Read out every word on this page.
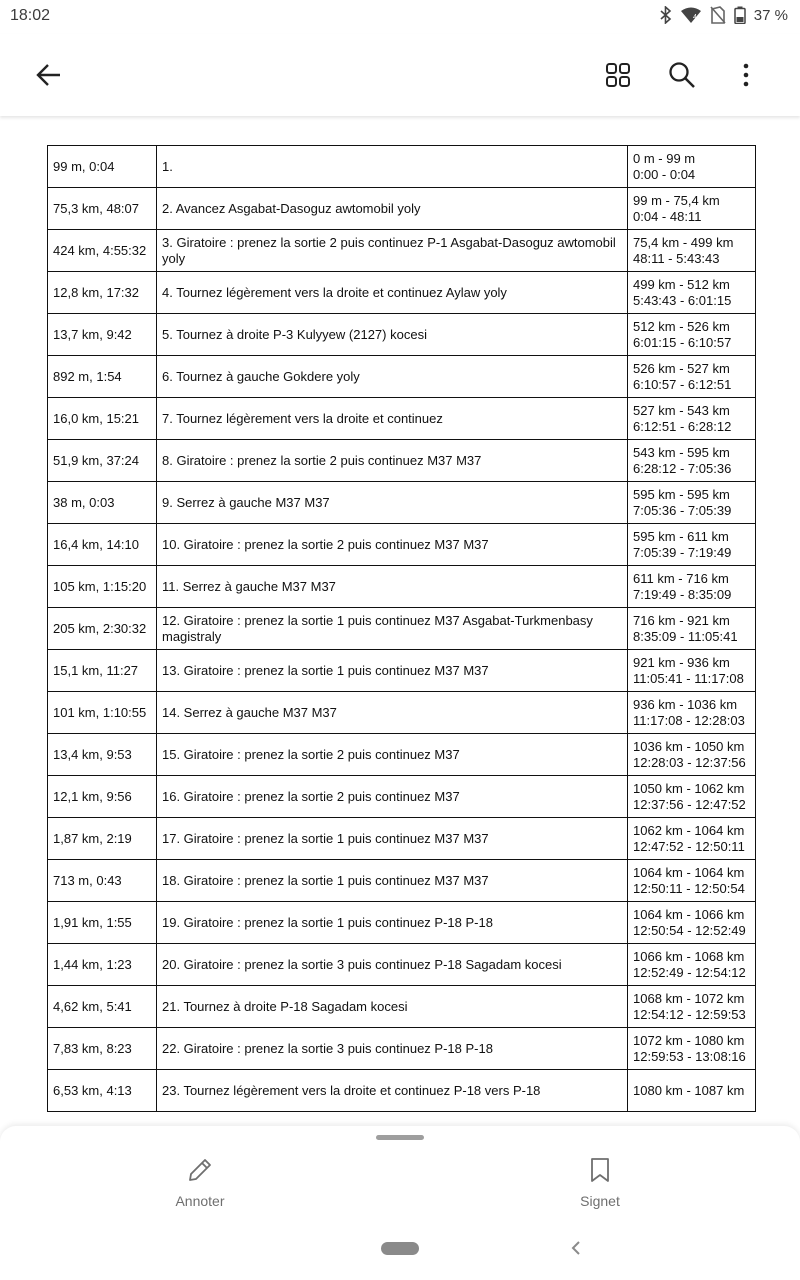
18:02	4	37 %
99 m, 0:04	1.	0 m - 99 m
0:00 - 0:04
75,3 km, 48:07	2. Avancez Asgabat-Dasoguz awtomobil yoly	99 m - 75,4 km
0:04 - 48:11
424 km, 4:55:32	3. Giratoire : prenez la sortie 2 puis continuez P-1 Asgabat-Dasoguz awtomobil yoly	75,4 km - 499 km
48:11 - 5:43:43
12,8 km, 17:32	4. Tournez légèrement vers la droite et continuez Aylaw yoly	499 km - 512 km
5:43:43 - 6:01:15
13,7 km, 9:42	5. Tournez à droite P-3 Kulyyew (2127) kocesi	512 km - 526 km
6:01:15 - 6:10:57
892 m, 1:54	6. Tournez à gauche Gokdere yoly	526 km - 527 km
6:10:57 - 6:12:51
16,0 km, 15:21	7. Tournez légèrement vers la droite et continuez	527 km - 543 km
6:12:51 - 6:28:12
51,9 km, 37:24	8. Giratoire : prenez la sortie 2 puis continuez M37 M37	543 km - 595 km
6:28:12 - 7:05:36
38 m, 0:03	9. Serrez à gauche M37 M37	595 km - 595 km
7:05:36 - 7:05:39
16,4 km, 14:10	10. Giratoire : prenez la sortie 2 puis continuez M37 M37	595 km - 611 km
7:05:39 - 7:19:49
105 km, 1:15:20	11. Serrez à gauche M37 M37	611 km - 716 km
7:19:49 - 8:35:09
205 km, 2:30:32	12. Giratoire : prenez la sortie 1 puis continuez M37 Asgabat-Turkmenbasy magistraly	716 km - 921 km
8:35:09 - 11:05:41
15,1 km, 11:27	13. Giratoire : prenez la sortie 1 puis continuez M37 M37	921 km - 936 km
11:05:41 - 11:17:08
101 km, 1:10:55	14. Serrez à gauche M37 M37	936 km - 1036 km
11:17:08 - 12:28:03
13,4 km, 9:53	15. Giratoire : prenez la sortie 2 puis continuez M37	1036 km - 1050 km
12:28:03 - 12:37:56
12,1 km, 9:56	16. Giratoire : prenez la sortie 2 puis continuez M37	1050 km - 1062 km
12:37:56 - 12:47:52
1,87 km, 2:19	17. Giratoire : prenez la sortie 1 puis continuez M37 M37	1062 km - 1064 km
12:47:52 - 12:50:11
713 m, 0:43	18. Giratoire : prenez la sortie 1 puis continuez M37 M37	1064 km - 1064 km
12:50:11 - 12:50:54
1,91 km, 1:55	19. Giratoire : prenez la sortie 1 puis continuez P-18 P-18	1064 km - 1066 km
12:50:54 - 12:52:49
1,44 km, 1:23	20. Giratoire : prenez la sortie 3 puis continuez P-18 Sagadam kocesi	1066 km - 1068 km
12:52:49 - 12:54:12
4,62 km, 5:41	21. Tournez à droite P-18 Sagadam kocesi	1068 km - 1072 km
12:54:12 - 12:59:53
7,83 km, 8:23	22. Giratoire : prenez la sortie 3 puis continuez P-18 P-18	1072 km - 1080 km
12:59:53 - 13:08:16
6,53 km, 4:13	23. Tournez légèrement vers la droite et continuez P-18 vers P-18	1080 km - 1087 km
Annoter	Signet
